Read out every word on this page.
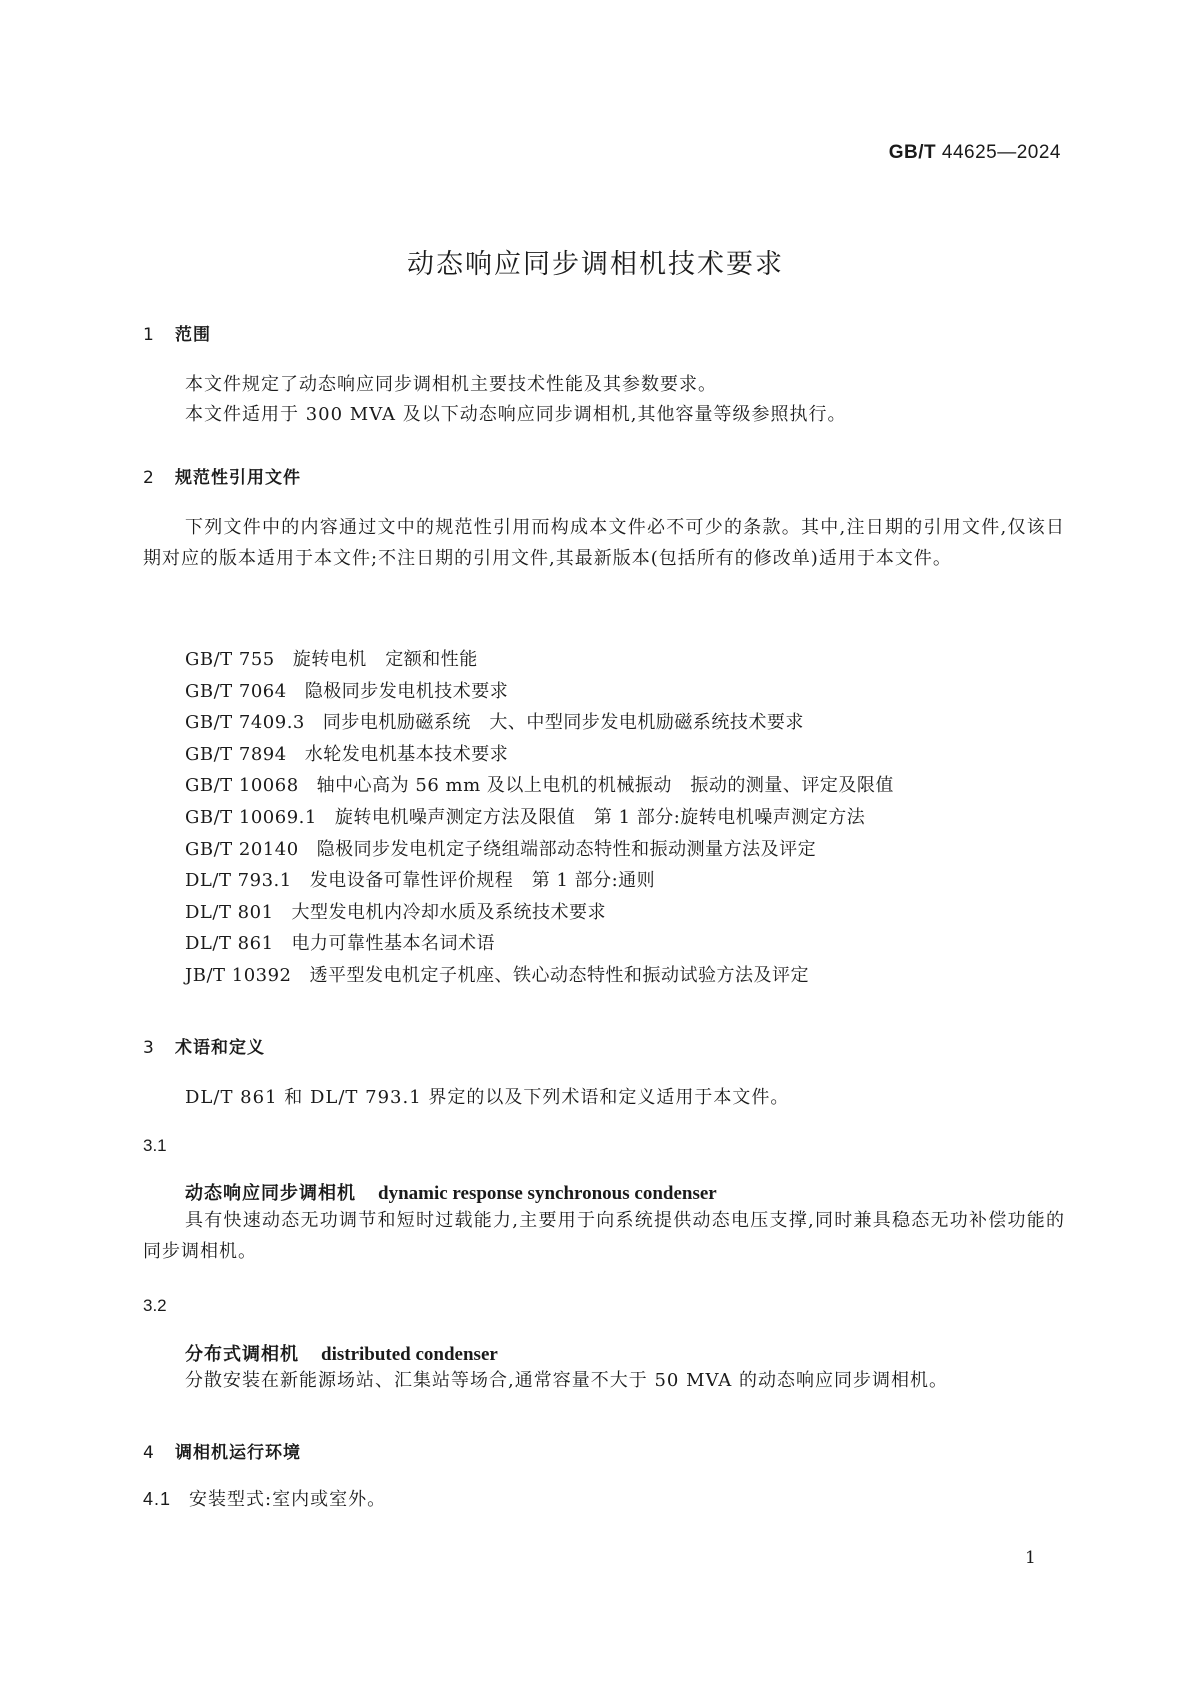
GB/T 44625—2024
动态响应同步调相机技术要求
1 范围
本文件规定了动态响应同步调相机主要技术性能及其参数要求。
本文件适用于 300 MVA 及以下动态响应同步调相机,其他容量等级参照执行。
2 规范性引用文件
下列文件中的内容通过文中的规范性引用而构成本文件必不可少的条款。其中,注日期的引用文件,仅该日期对应的版本适用于本文件;不注日期的引用文件,其最新版本(包括所有的修改单)适用于本文件。
GB/T 755 旋转电机　定额和性能
GB/T 7064 隐极同步发电机技术要求
GB/T 7409.3 同步电机励磁系统　大、中型同步发电机励磁系统技术要求
GB/T 7894 水轮发电机基本技术要求
GB/T 10068 轴中心高为 56 mm 及以上电机的机械振动　振动的测量、评定及限值
GB/T 10069.1 旋转电机噪声测定方法及限值　第 1 部分:旋转电机噪声测定方法
GB/T 20140 隐极同步发电机定子绕组端部动态特性和振动测量方法及评定
DL/T 793.1 发电设备可靠性评价规程　第 1 部分:通则
DL/T 801 大型发电机内冷却水质及系统技术要求
DL/T 861 电力可靠性基本名词术语
JB/T 10392 透平型发电机定子机座、铁心动态特性和振动试验方法及评定
3 术语和定义
DL/T 861 和 DL/T 793.1 界定的以及下列术语和定义适用于本文件。
3.1
动态响应同步调相机 dynamic response synchronous condenser
具有快速动态无功调节和短时过载能力,主要用于向系统提供动态电压支撑,同时兼具稳态无功补偿功能的同步调相机。
3.2
分布式调相机 distributed condenser
分散安装在新能源场站、汇集站等场合,通常容量不大于 50 MVA 的动态响应同步调相机。
4 调相机运行环境
4.1 安装型式:室内或室外。
1
